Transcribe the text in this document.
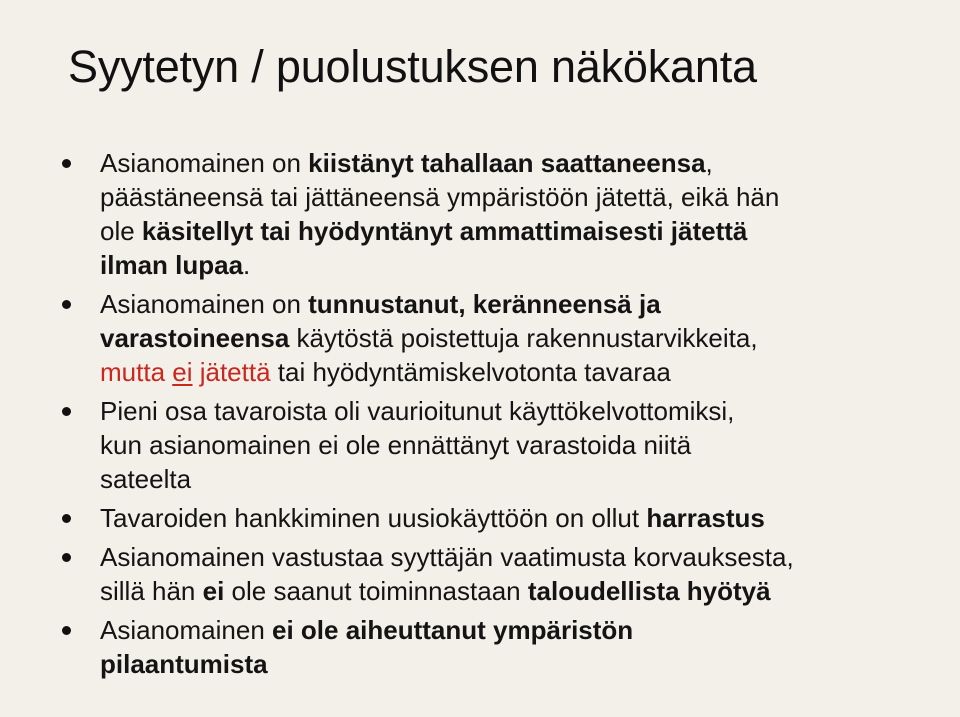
Syytetyn / puolustuksen näkökanta
Asianomainen on kiistänyt tahallaan saattaneensa,
päästäneensä tai jättäneensä ympäristöön jätettä, eikä hän
ole käsitellyt tai hyödyntänyt ammattimaisesti jätettä
ilman lupaa.
Asianomainen on tunnustanut, keränneensä ja
varastoineensa käytöstä poistettuja rakennustarvikkeita,
mutta ei jätettä tai hyödyntämiskelvotonta tavaraa
Pieni osa tavaroista oli vaurioitunut käyttökelvottomiksi,
kun asianomainen ei ole ennättänyt varastoida niitä
sateelta
Tavaroiden hankkiminen uusiokäyttöön on ollut harrastus
Asianomainen vastustaa syyttäjän vaatimusta korvauksesta,
sillä hän ei ole saanut toiminnastaan taloudellista hyötyä
Asianomainen ei ole aiheuttanut ympäristön
pilaantumista
